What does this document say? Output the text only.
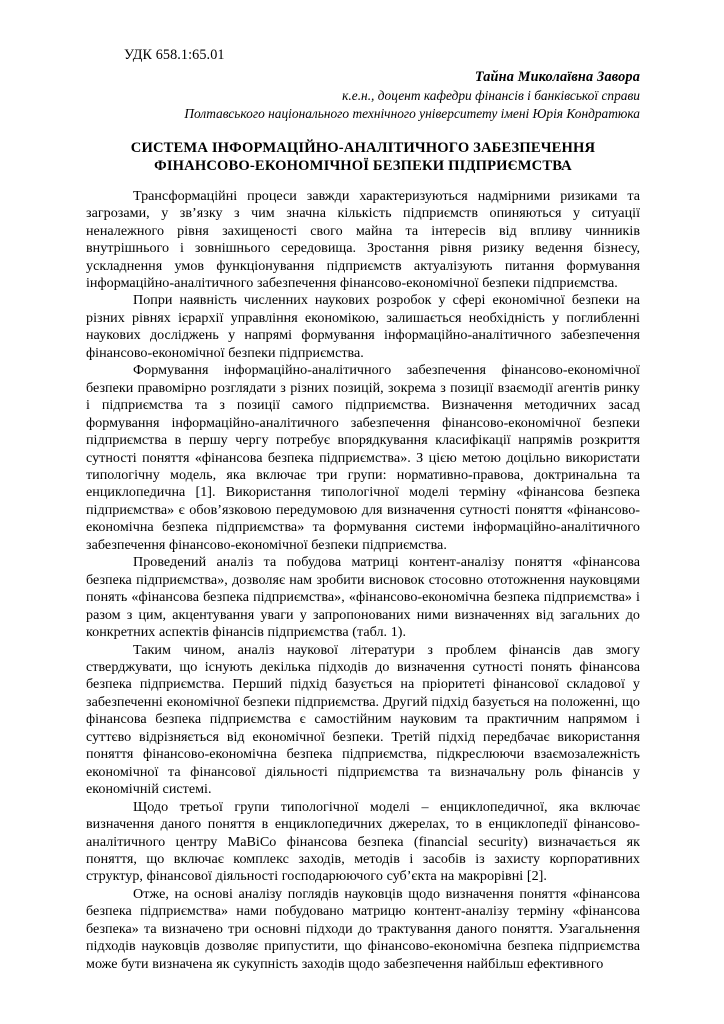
УДК 658.1:65.01
Тайна Миколаївна Завора
к.е.н., доцент кафедри фінансів і банківської справи
Полтавського національного технічного університету імені Юрія Кондратюка
СИСТЕМА ІНФОРМАЦІЙНО-АНАЛІТИЧНОГО ЗАБЕЗПЕЧЕННЯ
ФІНАНСОВО-ЕКОНОМІЧНОЇ БЕЗПЕКИ ПІДПРИЄМСТВА

Трансформаційні процеси завжди характеризуються надмірними ризиками та загрозами, у зв’язку з чим значна кількість підприємств опиняються у ситуації неналежного рівня захищеності свого майна та інтересів від впливу чинників внутрішнього і зовнішнього середовища. Зростання рівня ризику ведення бізнесу, ускладнення умов функціонування підприємств актуалізують питання формування інформаційно-аналітичного забезпечення фінансово-економічної безпеки підприємства.

Попри наявність численних наукових розробок у сфері економічної безпеки на різних рівнях ієрархії управління економікою, залишається необхідність у поглибленні наукових досліджень у напрямі формування інформаційно-аналітичного забезпечення фінансово-економічної безпеки підприємства.

Формування інформаційно-аналітичного забезпечення фінансово-економічної безпеки правомірно розглядати з різних позицій, зокрема з позиції взаємодії агентів ринку і підприємства та з позиції самого підприємства. Визначення методичних засад формування інформаційно-аналітичного забезпечення фінансово-економічної безпеки підприємства в першу чергу потребує впорядкування класифікації напрямів розкриття сутності поняття «фінансова безпека підприємства». З цією метою доцільно використати типологічну модель, яка включає три групи: нормативно-правова, доктринальна та енциклопедична [1]. Використання типологічної моделі терміну «фінансова безпека підприємства» є обов’язковою передумовою для визначення сутності поняття «фінансово-економічна безпека підприємства» та формування системи інформаційно-аналітичного забезпечення фінансово-економічної безпеки підприємства.

Проведений аналіз та побудова матриці контент-аналізу поняття «фінансова безпека підприємства», дозволяє нам зробити висновок стосовно ототожнення науковцями понять «фінансова безпека підприємства», «фінансово-економічна безпека підприємства» і разом з цим, акцентування уваги у запропонованих ними визначеннях від загальних до конкретних аспектів фінансів підприємства (табл. 1).

Таким чином, аналіз наукової літератури з проблем фінансів дав змогу стверджувати, що існують декілька підходів до визначення сутності понять фінансова безпека підприємства. Перший підхід базується на пріоритеті фінансової складової у забезпеченні економічної безпеки підприємства. Другий підхід базується на положенні, що фінансова безпека підприємства є самостійним науковим та практичним напрямом і суттєво відрізняється від економічної безпеки. Третій підхід передбачає використання поняття фінансово-економічна безпека підприємства, підкреслюючи взаємозалежність економічної та фінансової діяльності підприємства та визначальну роль фінансів у економічній системі.

Щодо третьої групи типологічної моделі – енциклопедичної, яка включає визначення даного поняття в енциклопедичних джерелах, то в енциклопедії фінансово-аналітичного центру МаBiCo фінансова безпека (financial security) визначається як поняття, що включає комплекс заходів, методів і засобів із захисту корпоративних структур, фінансової діяльності господарюючого суб’єкта на макрорівні [2].

Отже, на основі аналізу поглядів науковців щодо визначення поняття «фінансова безпека підприємства» нами побудовано матрицю контент-аналізу терміну «фінансова безпека» та визначено три основні підходи до трактування даного поняття. Узагальнення підходів науковців дозволяє припустити, що фінансово-економічна безпека підприємства може бути визначена як сукупність заходів щодо забезпечення найбільш ефективного
